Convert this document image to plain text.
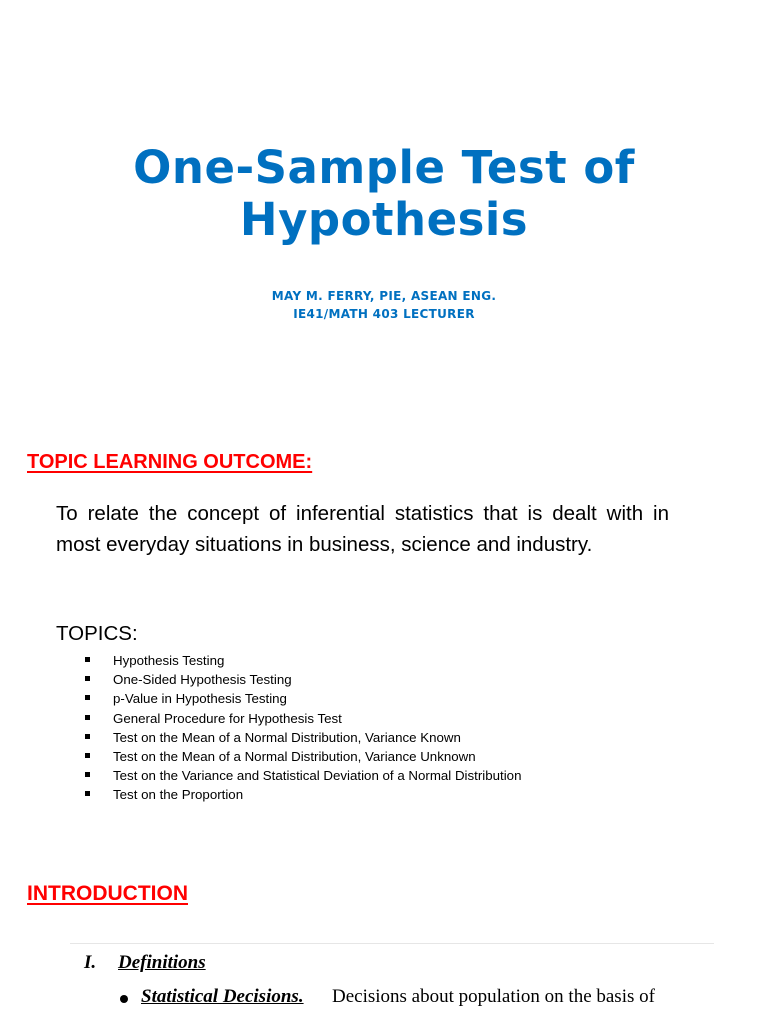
One-Sample Test of
Hypothesis
MAY M. FERRY, PIE, ASEAN ENG.
IE41/MATH 403 LECTURER
TOPIC LEARNING OUTCOME:
To relate the concept of inferential statistics that is dealt with in most everyday situations in business, science and industry.
TOPICS:
Hypothesis Testing
One-Sided Hypothesis Testing
p-Value in Hypothesis Testing
General Procedure for Hypothesis Test
Test on the Mean of a Normal Distribution, Variance Known
Test on the Mean of a Normal Distribution, Variance Unknown
Test on the Variance and Statistical Deviation of a Normal Distribution
Test on the Proportion
INTRODUCTION
I. Definitions
Statistical Decisions. Decisions about population on the basis of
